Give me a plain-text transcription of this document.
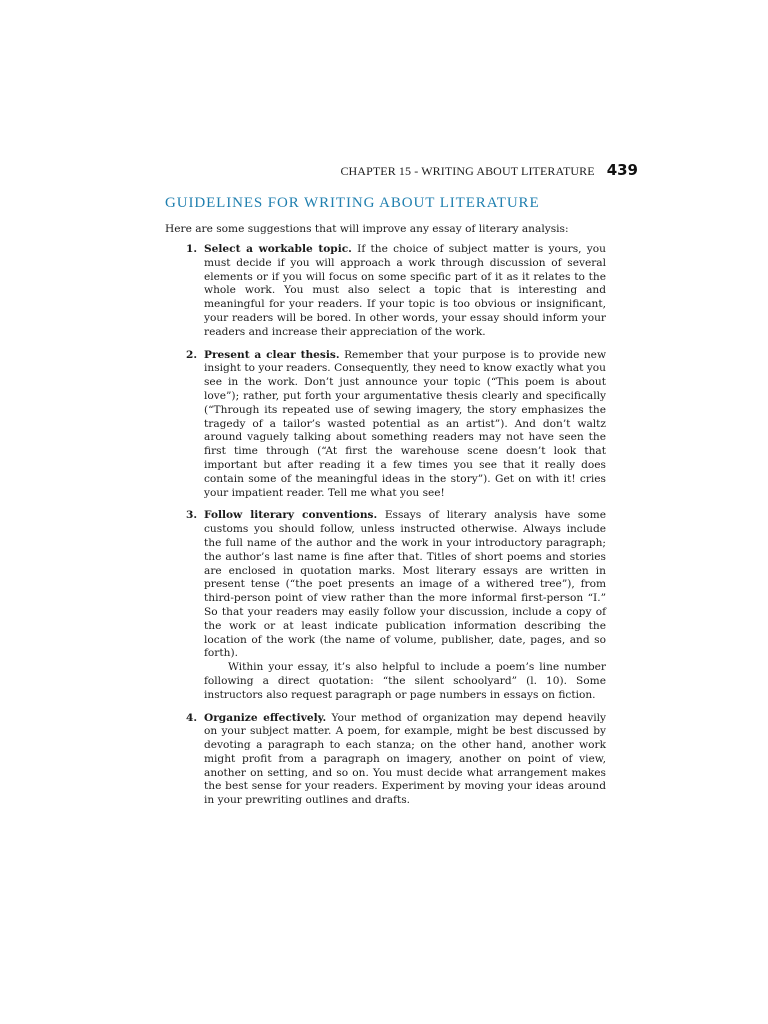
CHAPTER 15 - WRITING ABOUT LITERATURE 439
GUIDELINES FOR WRITING ABOUT LITERATURE

Here are some suggestions that will improve any essay of literary analysis:

1. Select a workable topic. If the choice of subject matter is yours, you must decide if you will approach a work through discussion of several elements or if you will focus on some specific part of it as it relates to the whole work. You must also select a topic that is interesting and meaningful for your readers. If your topic is too obvious or insignificant, your readers will be bored. In other words, your essay should inform your readers and increase their appreciation of the work.

2. Present a clear thesis. Remember that your purpose is to provide new insight to your readers. Consequently, they need to know exactly what you see in the work. Don’t just announce your topic (“This poem is about love”); rather, put forth your argumentative thesis clearly and specifically (“Through its repeated use of sewing imagery, the story emphasizes the tragedy of a tailor’s wasted potential as an artist”). And don’t waltz around vaguely talking about something readers may not have seen the first time through (“At first the warehouse scene doesn’t look that important but after reading it a few times you see that it really does contain some of the meaningful ideas in the story”). Get on with it! cries your impatient reader. Tell me what you see!

3. Follow literary conventions. Essays of literary analysis have some customs you should follow, unless instructed otherwise. Always include the full name of the author and the work in your introductory paragraph; the author’s last name is fine after that. Titles of short poems and stories are enclosed in quotation marks. Most literary essays are written in present tense (“the poet presents an image of a withered tree”), from third-person point of view rather than the more informal first-person “I.” So that your readers may easily follow your discussion, include a copy of the work or at least indicate publication information describing the location of the work (the name of volume, publisher, date, pages, and so forth).

Within your essay, it’s also helpful to include a poem’s line number following a direct quotation: “the silent schoolyard” (l. 10). Some instructors also request paragraph or page numbers in essays on fiction.

4. Organize effectively. Your method of organization may depend heavily on your subject matter. A poem, for example, might be best discussed by devoting a paragraph to each stanza; on the other hand, another work might profit from a paragraph on imagery, another on point of view, another on setting, and so on. You must decide what arrangement makes the best sense for your readers. Experiment by moving your ideas around in your prewriting outlines and drafts.
